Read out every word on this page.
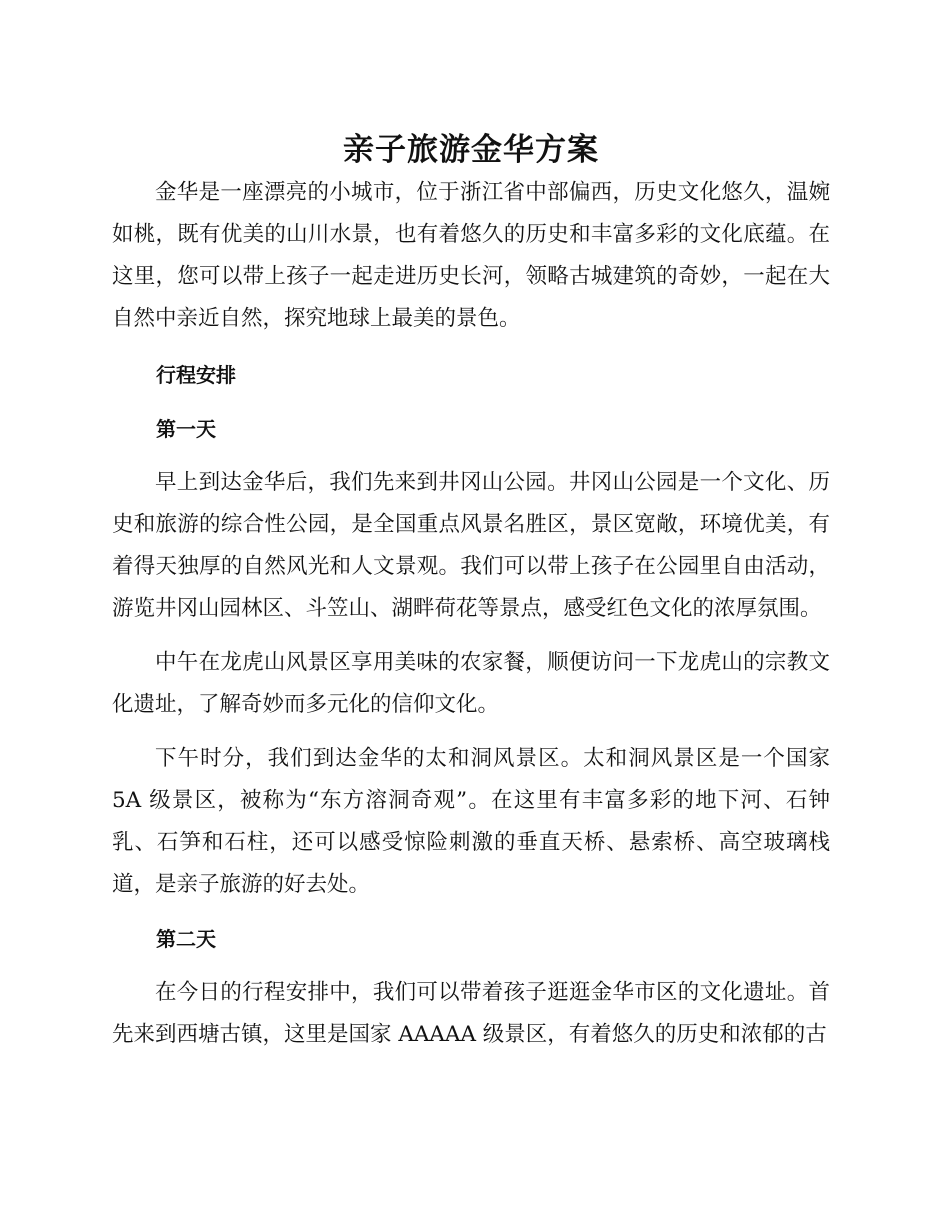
亲子旅游金华方案

金华是一座漂亮的小城市，位于浙江省中部偏西，历史文化悠久，温婉如桃，既有优美的山川水景，也有着悠久的历史和丰富多彩的文化底蕴。在这里，您可以带上孩子一起走进历史长河，领略古城建筑的奇妙，一起在大自然中亲近自然，探究地球上最美的景色。

行程安排

第一天

早上到达金华后，我们先来到井冈山公园。井冈山公园是一个文化、历史和旅游的综合性公园，是全国重点风景名胜区，景区宽敞，环境优美，有着得天独厚的自然风光和人文景观。我们可以带上孩子在公园里自由活动，游览井冈山园林区、斗笠山、湖畔荷花等景点，感受红色文化的浓厚氛围。

中午在龙虎山风景区享用美味的农家餐，顺便访问一下龙虎山的宗教文化遗址，了解奇妙而多元化的信仰文化。

下午时分，我们到达金华的太和洞风景区。太和洞风景区是一个国家 5A 级景区，被称为“东方溶洞奇观”。在这里有丰富多彩的地下河、石钟乳、石笋和石柱，还可以感受惊险刺激的垂直天桥、悬索桥、高空玻璃栈道，是亲子旅游的好去处。

第二天

在今日的行程安排中，我们可以带着孩子逛逛金华市区的文化遗址。首先来到西塘古镇，这里是国家 AAAAA 级景区，有着悠久的历史和浓郁的古
